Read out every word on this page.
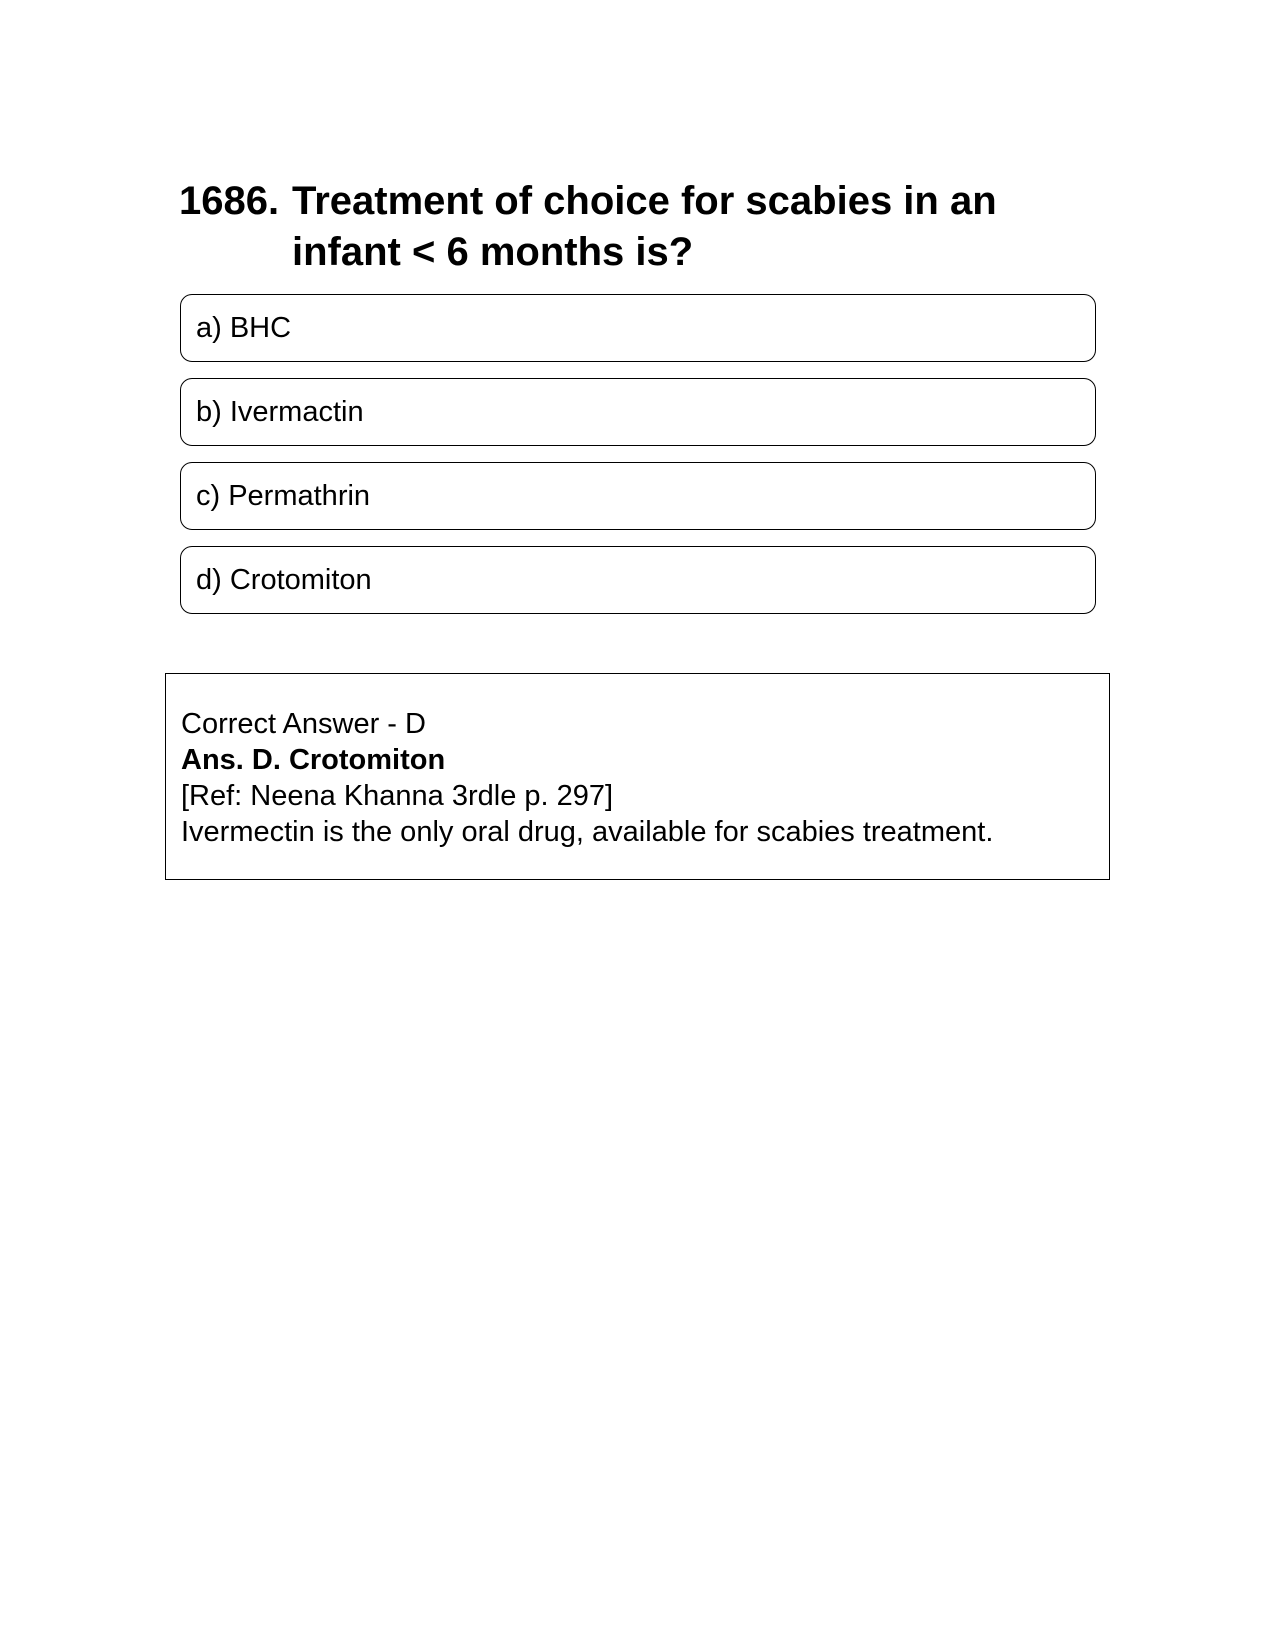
1686. Treatment of choice for scabies in an infant < 6 months is?
a) BHC
b) Ivermactin
c) Permathrin
d) Crotomiton
Correct Answer - D
Ans. D. Crotomiton
[Ref: Neena Khanna 3rdle p. 297]
Ivermectin is the only oral drug, available for scabies treatment.
